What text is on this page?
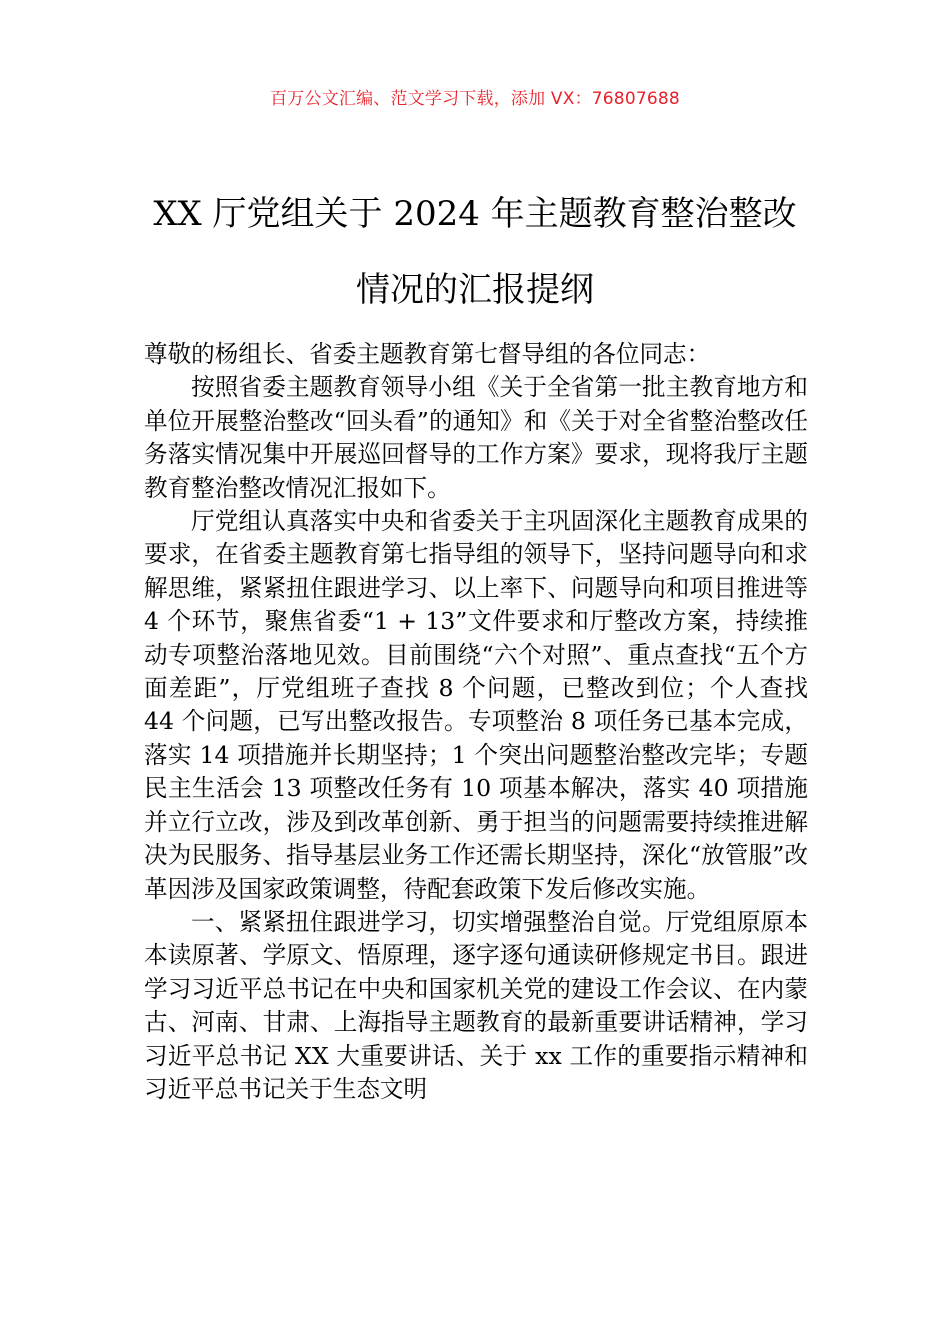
百万公文汇编、范文学习下载，添加 VX：76807688
XX 厅党组关于 2024 年主题教育整治整改
情况的汇报提纲

尊敬的杨组长、省委主题教育第七督导组的各位同志：

按照省委主题教育领导小组《关于全省第一批主教育地方和单位开展整治整改“回头看”的通知》和《关于对全省整治整改任务落实情况集中开展巡回督导的工作方案》要求，现将我厅主题教育整治整改情况汇报如下。

厅党组认真落实中央和省委关于主巩固深化主题教育成果的要求，在省委主题教育第七指导组的领导下，坚持问题导向和求解思维，紧紧扭住跟进学习、以上率下、问题导向和项目推进等 4 个环节，聚焦省委“1 + 13”文件要求和厅整改方案，持续推动专项整治落地见效。目前围绕“六个对照”、重点查找“五个方面差距”，厅党组班子查找 8 个问题，已整改到位；个人查找 44 个问题，已写出整改报告。专项整治 8 项任务已基本完成，落实 14 项措施并长期坚持；1 个突出问题整治整改完毕；专题民主生活会 13 项整改任务有 10 项基本解决，落实 40 项措施并立行立改，涉及到改革创新、勇于担当的问题需要持续推进解决为民服务、指导基层业务工作还需长期坚持，深化“放管服”改革因涉及国家政策调整，待配套政策下发后修改实施。

一、紧紧扭住跟进学习，切实增强整治自觉。厅党组原原本本读原著、学原文、悟原理，逐字逐句通读研修规定书目。跟进学习习近平总书记在中央和国家机关党的建设工作会议、在内蒙古、河南、甘肃、上海指导主题教育的最新重要讲话精神，学习习近平总书记 XX 大重要讲话、关于 xx 工作的重要指示精神和习近平总书记关于生态文明
